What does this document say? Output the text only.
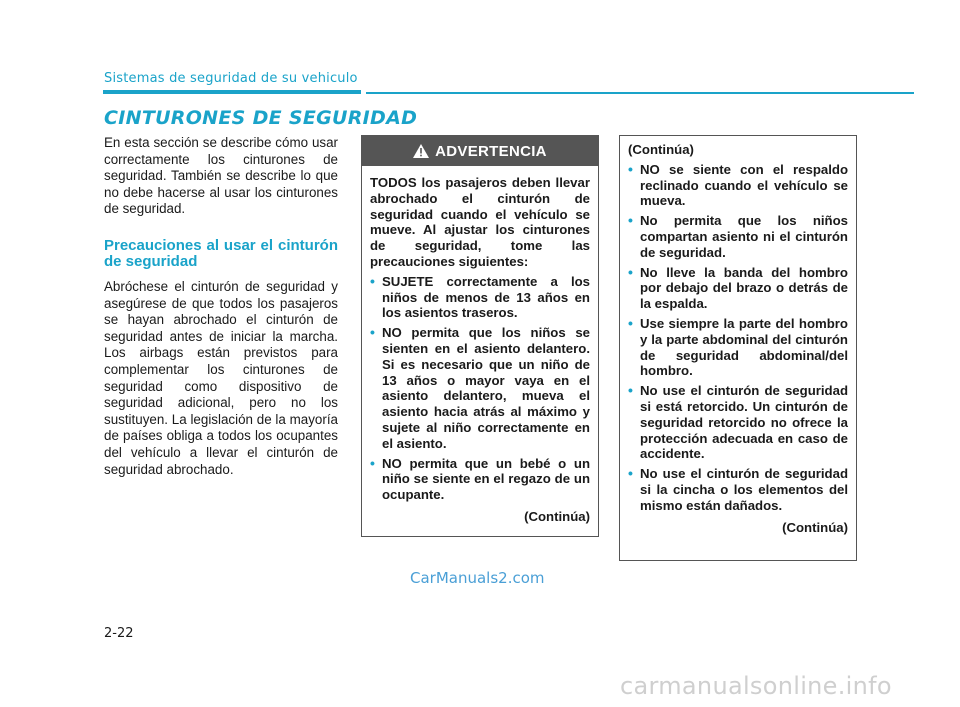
Sistemas de seguridad de su vehiculo
CINTURONES DE SEGURIDAD

En esta sección se describe cómo usar correctamente los cinturones de seguridad. También se describe lo que no debe hacerse al usar los cinturones de seguridad.

Precauciones al usar el cinturón de seguridad

Abróchese el cinturón de seguridad y asegúrese de que todos los pasajeros se hayan abrochado el cinturón de seguridad antes de iniciar la marcha. Los airbags están previstos para complementar los cinturones de seguridad como dispositivo de seguridad adicional, pero no los sustituyen. La legislación de la mayoría de países obliga a todos los ocupantes del vehículo a llevar el cinturón de seguridad abrochado.

ADVERTENCIA

TODOS los pasajeros deben llevar abrochado el cinturón de seguridad cuando el vehículo se mueve. Al ajustar los cinturones de seguridad, tome las precauciones siguientes:

• SUJETE correctamente a los niños de menos de 13 años en los asientos traseros.
• NO permita que los niños se sienten en el asiento delantero. Si es necesario que un niño de 13 años o mayor vaya en el asiento delantero, mueva el asiento hacia atrás al máximo y sujete al niño correctamente en el asiento.
• NO permita que un bebé o un niño se siente en el regazo de un ocupante.
(Continúa)

(Continúa)

• NO se siente con el respaldo reclinado cuando el vehículo se mueva.
• No permita que los niños compartan asiento ni el cinturón de seguridad.
• No lleve la banda del hombro por debajo del brazo o detrás de la espalda.
• Use siempre la parte del hombro y la parte abdominal del cinturón de seguridad abdominal/del hombro.
• No use el cinturón de seguridad si está retorcido. Un cinturón de seguridad retorcido no ofrece la protección adecuada en caso de accidente.
• No use el cinturón de seguridad si la cincha o los elementos del mismo están dañados.
(Continúa)
CarManuals2.com
2-22
carmanualsonline.info
